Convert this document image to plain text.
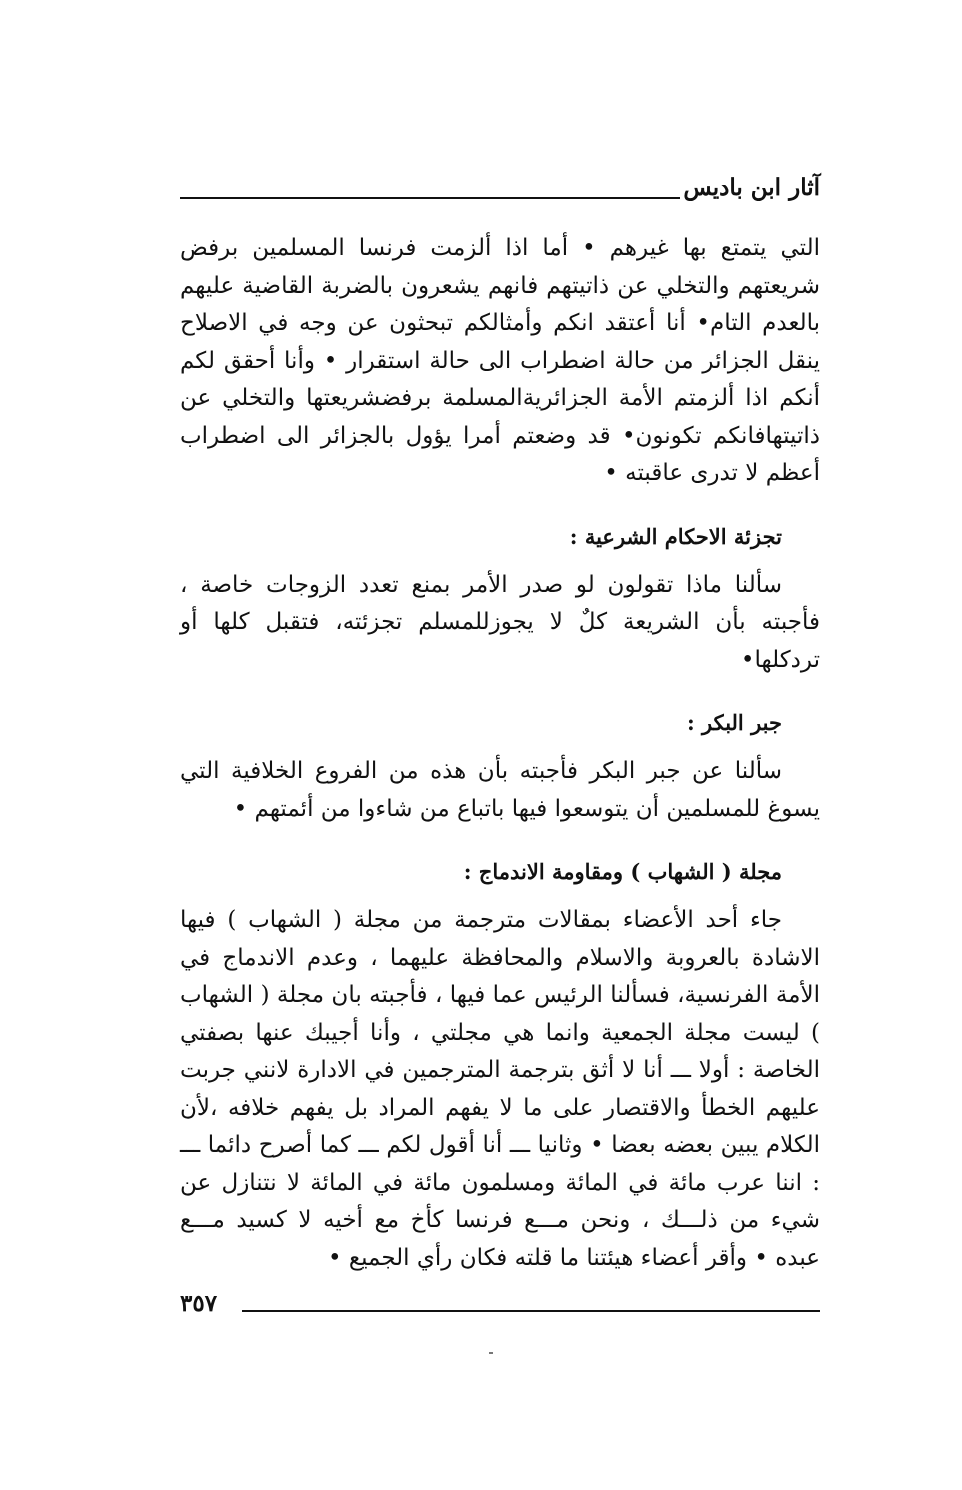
آثار ابن باديس

التي يتمتع بها غيرهم • أما اذا ألزمت فرنسا المسلمين برفض شريعتهم والتخلي عن ذاتيتهم فانهم يشعرون بالضربة القاضية عليهم بالعدم التام• أنا أعتقد انكم وأمثالكم تبحثون عن وجه في الاصلاح ينقل الجزائر من حالة اضطراب الى حالة استقرار • وأنا أحقق لكم أنكم اذا ألزمتم الأمة الجزائريةالمسلمة برفضشريعتها والتخلي عن ذاتيتهافانكم تكونون• قد وضعتم أمرا يؤول بالجزائر الى اضطراب أعظم لا تدرى عاقبته •

تجزئة الاحكام الشرعية :

سألنا ماذا تقولون لو صدر الأمر بمنع تعدد الزوجات خاصة ، فأجبته بأن الشريعة كلٌ لا يجوزللمسلم تجزئته، فتقبل كلها أو تردكلها•

جبر البكر :

سألنا عن جبر البكر فأجبته بأن هذه من الفروع الخلافية التي يسوغ للمسلمين أن يتوسعوا فيها باتباع من شاءوا من أئمتهم •

مجلة ( الشهاب ) ومقاومة الاندماج :

جاء أحد الأعضاء بمقالات مترجمة من مجلة ( الشهاب ) فيها الاشادة بالعروبة والاسلام والمحافظة عليهما ، وعدم الاندماج في الأمة الفرنسية، فسألنا الرئيس عما فيها ، فأجبته بان مجلة ( الشهاب ) ليست مجلة الجمعية وانما هي مجلتي ، وأنا أجيبك عنها بصفتي الخاصة : أولا ـــ أنا لا أثق بترجمة المترجمين في الادارة لانني جربت عليهم الخطأ والاقتصار على ما لا يفهم المراد بل يفهم خلافه ،لأن الكلام يبين بعضه بعضا • وثانيا ـــ أنا أقول لكم ـــ كما أصرح دائما ـــ : اننا عرب مائة في المائة ومسلمون مائة في المائة لا نتنازل عن شيء من ذلـــك ، ونحن مـــع فرنسا كأخ مع أخيه لا كسيد مـــع عبده • وأقر أعضاء هيئتنا ما قلته فكان رأي الجميع •

٣٥٧
